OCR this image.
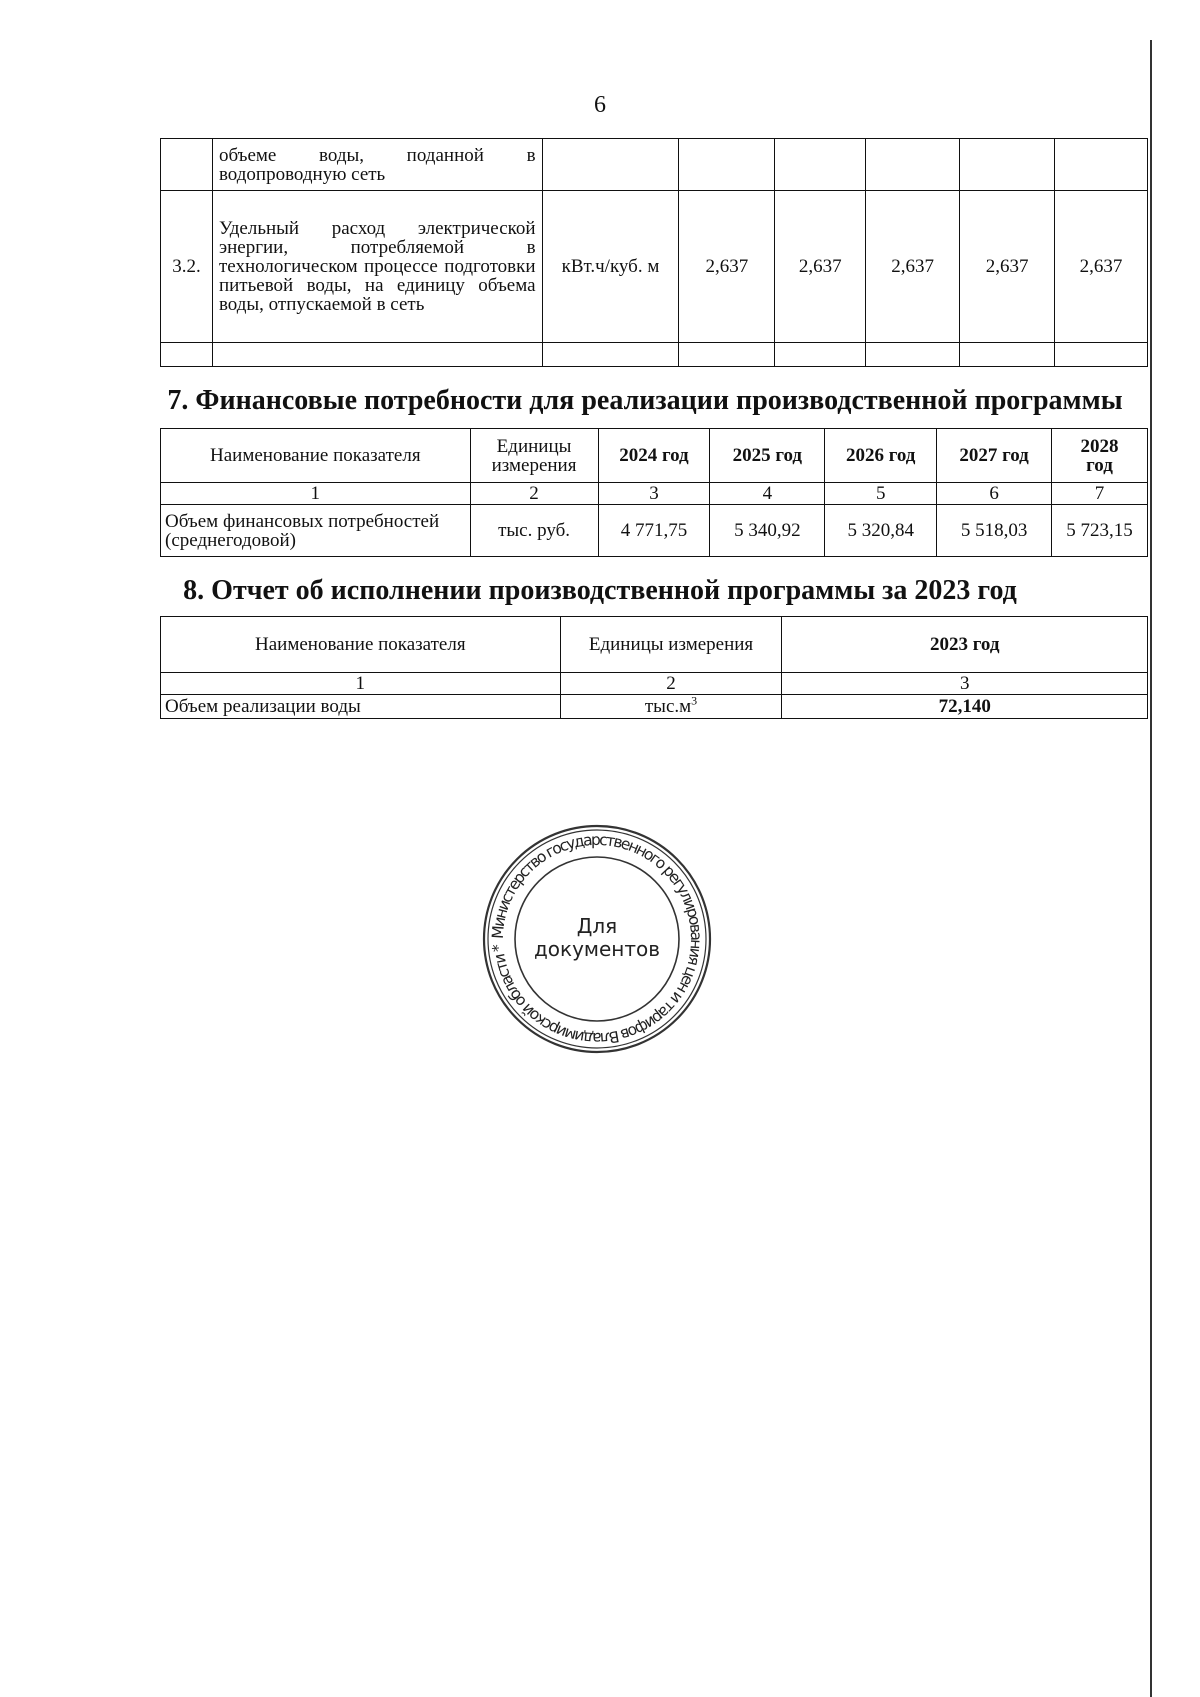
6
	объеме воды, поданной в водопроводную сеть						
3.2.	Удельный расход электрической энергии, потребляемой в технологическом процессе подготовки питьевой воды, на единицу объема воды, отпускаемой в сеть	кВт.ч/куб. м	2,637	2,637	2,637	2,637	2,637

7. Финансовые потребности для реализации производственной программы
Наименование показателя	Единицы измерения	2024 год	2025 год	2026 год	2027 год	2028 год
1	2	3	4	5	6	7
Объем финансовых потребностей (среднегодовой)	тыс. руб.	4 771,75	5 340,92	5 320,84	5 518,03	5 723,15
8. Отчет об исполнении производственной программы за 2023 год
Наименование показателя	Единицы измерения	2023 год
1	2	3
Объем реализации воды	$тыс.м^3$	72,140
Министерство государственного регулирования цен и тарифов Владимирской области *
Для
документов
